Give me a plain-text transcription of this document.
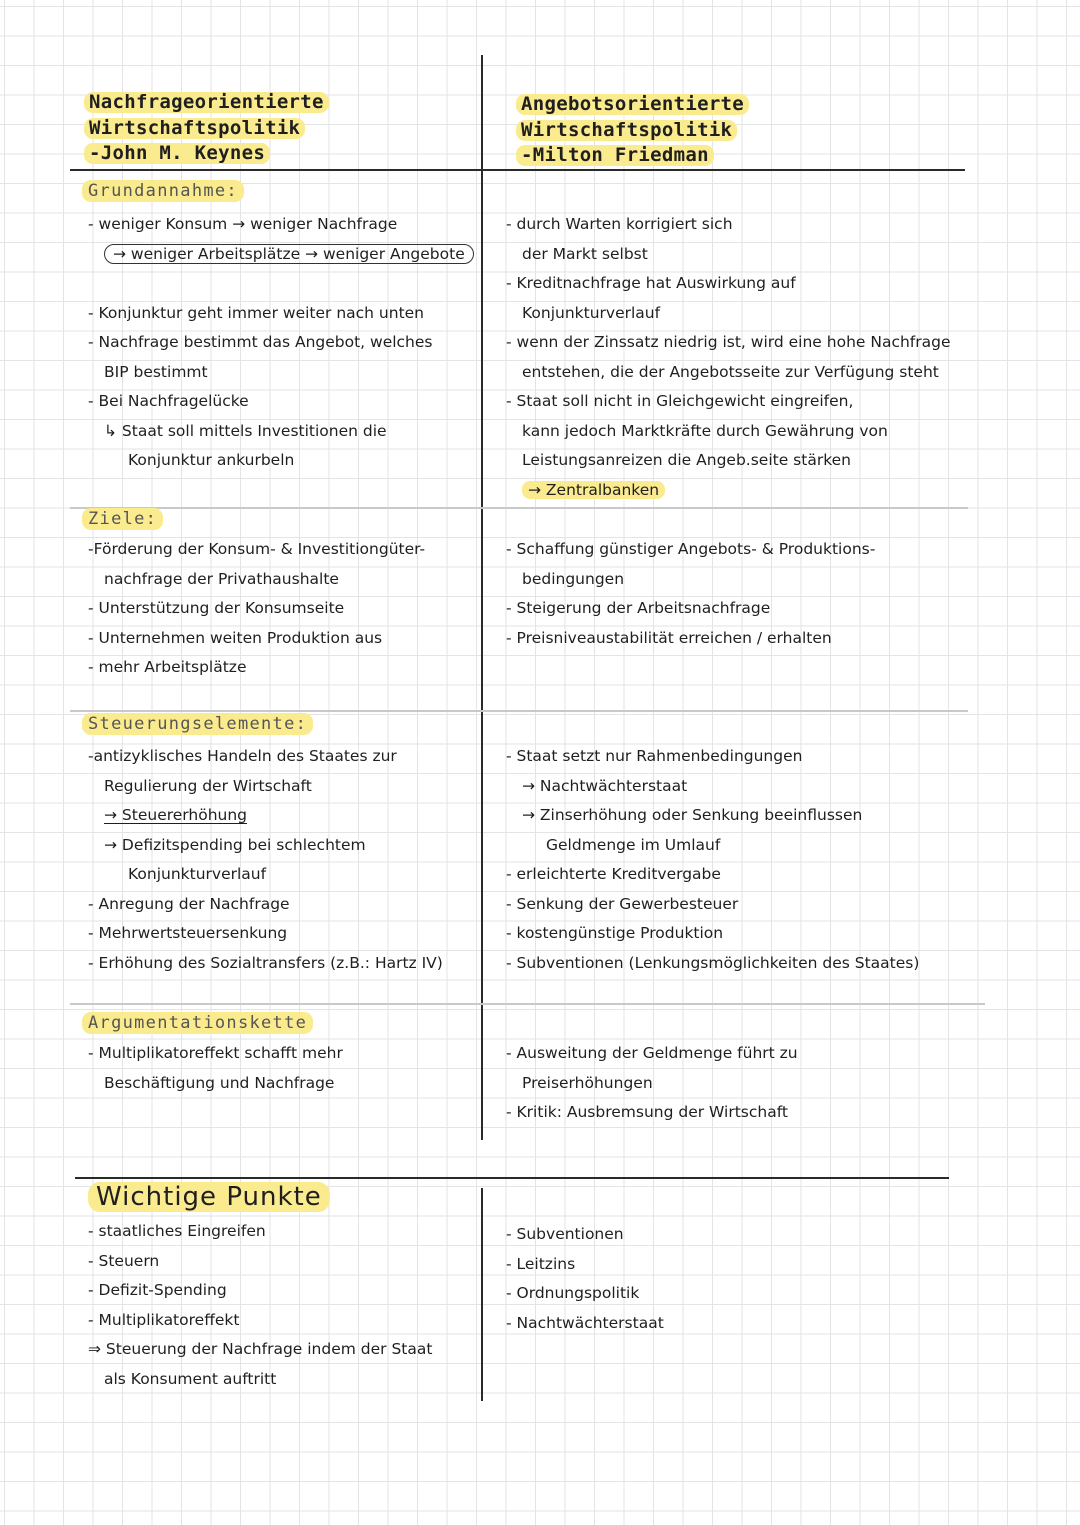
Nachfrageorientierte
Wirtschaftspolitik
-John M. Keynes
Angebotsorientierte
Wirtschaftspolitik
-Milton Friedman
Grundannahme:
- weniger Konsum → weniger Nachfrage
→ weniger Arbeitsplätze → weniger Angebote

- Konjunktur geht immer weiter nach unten
- Nachfrage bestimmt das Angebot, welches
BIP bestimmt
- Bei Nachfragelücke
↳ Staat soll mittels Investitionen die
Konjunktur ankurbeln
- durch Warten korrigiert sich
der Markt selbst
- Kreditnachfrage hat Auswirkung auf
Konjunkturverlauf
- wenn der Zinssatz niedrig ist, wird eine hohe Nachfrage
entstehen, die der Angebotsseite zur Verfügung steht
- Staat soll nicht in Gleichgewicht eingreifen,
kann jedoch Marktkräfte durch Gewährung von
Leistungsanreizen die Angeb.seite stärken
→ Zentralbanken
Ziele:
-Förderung der Konsum- & Investitiongüter-
nachfrage der Privathaushalte
- Unterstützung der Konsumseite
- Unternehmen weiten Produktion aus
- mehr Arbeitsplätze
- Schaffung günstiger Angebots- & Produktions-
bedingungen
- Steigerung der Arbeitsnachfrage
- Preisniveaustabilität erreichen / erhalten
Steuerungselemente:
-antizyklisches Handeln des Staates zur
Regulierung der Wirtschaft
→ Steuererhöhung
→ Defizitspending bei schlechtem
Konjunkturverlauf
- Anregung der Nachfrage
- Mehrwertsteuersenkung
- Erhöhung des Sozialtransfers (z.B.: Hartz IV)
- Staat setzt nur Rahmenbedingungen
→ Nachtwächterstaat
→ Zinserhöhung oder Senkung beeinflussen
Geldmenge im Umlauf
- erleichterte Kreditvergabe
- Senkung der Gewerbesteuer
- kostengünstige Produktion
- Subventionen (Lenkungsmöglichkeiten des Staates)
Argumentationskette
- Multiplikatoreffekt schafft mehr
Beschäftigung und Nachfrage
- Ausweitung der Geldmenge führt zu
Preiserhöhungen
- Kritik: Ausbremsung der Wirtschaft
Wichtige Punkte
- staatliches Eingreifen
- Steuern
- Defizit-Spending
- Multiplikatoreffekt
⇒ Steuerung der Nachfrage indem der Staat
als Konsument auftritt
- Subventionen
- Leitzins
- Ordnungspolitik
- Nachtwächterstaat
